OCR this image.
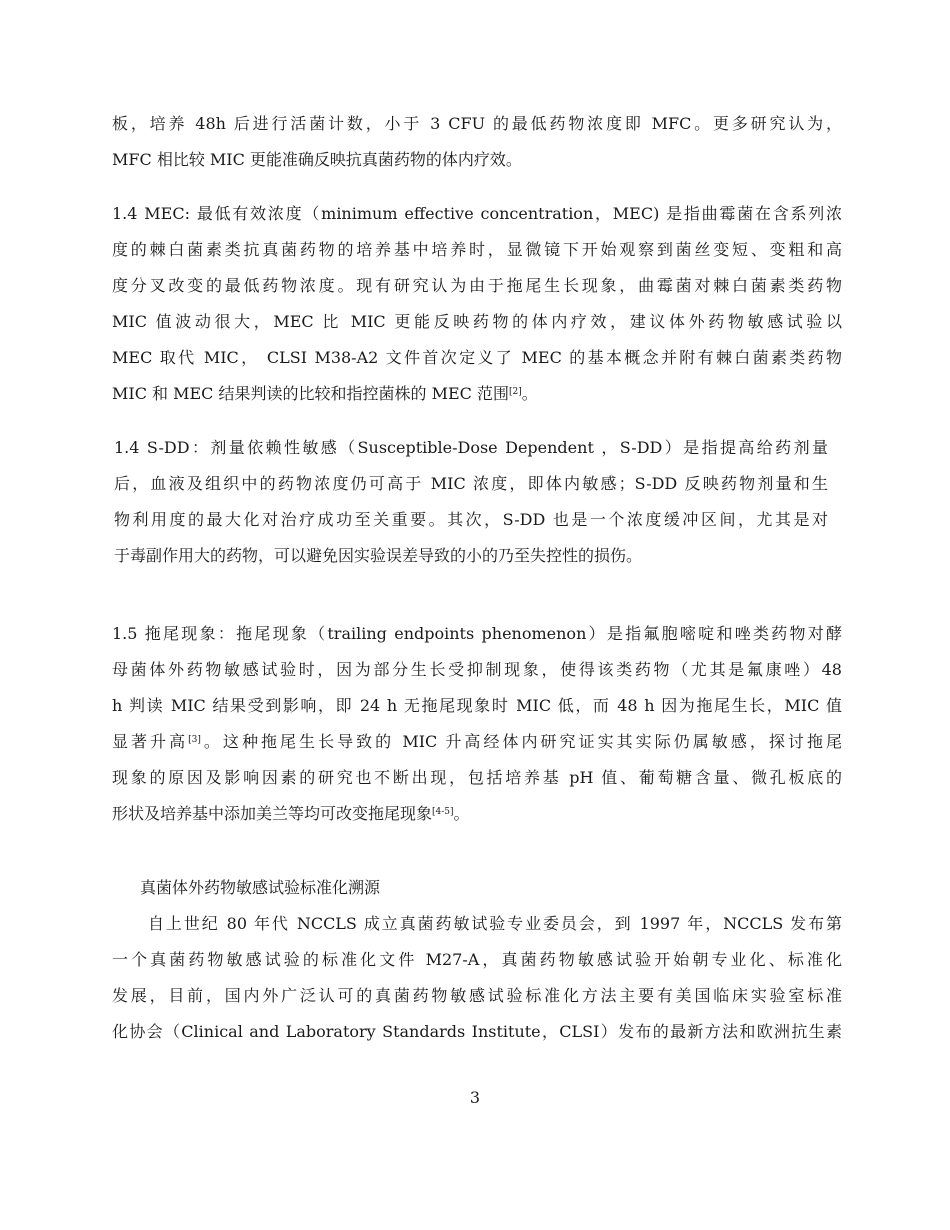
板，培养 48h 后进行活菌计数，小于 3 CFU 的最低药物浓度即 MFC。更多研究认为，
MFC 相比较 MIC 更能准确反映抗真菌药物的体内疗效。
1.4 MEC: 最低有效浓度（minimum effective concentration，MEC) 是指曲霉菌在含系列浓
度的棘白菌素类抗真菌药物的培养基中培养时，显微镜下开始观察到菌丝变短、变粗和高
度分叉改变的最低药物浓度。现有研究认为由于拖尾生长现象，曲霉菌对棘白菌素类药物
MIC 值波动很大，MEC 比 MIC 更能反映药物的体内疗效，建议体外药物敏感试验以
MEC 取代 MIC， CLSI M38-A2 文件首次定义了 MEC 的基本概念并附有棘白菌素类药物
MIC 和 MEC 结果判读的比较和指控菌株的 MEC 范围[2]。
1.4 S-DD：剂量依赖性敏感（Susceptible-Dose Dependent ，S-DD）是指提高给药剂量
后，血液及组织中的药物浓度仍可高于 MIC 浓度，即体内敏感；S-DD 反映药物剂量和生
物利用度的最大化对治疗成功至关重要。其次，S-DD 也是一个浓度缓冲区间，尤其是对
于毒副作用大的药物，可以避免因实验误差导致的小的乃至失控性的损伤。
1.5 拖尾现象：拖尾现象（trailing endpoints phenomenon）是指氟胞嘧啶和唑类药物对酵
母菌体外药物敏感试验时，因为部分生长受抑制现象，使得该类药物（尤其是氟康唑）48
h 判读 MIC 结果受到影响，即 24 h 无拖尾现象时 MIC 低，而 48 h 因为拖尾生长，MIC 值
显著升高[3]。这种拖尾生长导致的 MIC 升高经体内研究证实其实际仍属敏感，探讨拖尾
现象的原因及影响因素的研究也不断出现，包括培养基 pH 值、葡萄糖含量、微孔板底的
形状及培养基中添加美兰等均可改变拖尾现象[4-5]。
真菌体外药物敏感试验标准化溯源
自上世纪 80 年代 NCCLS 成立真菌药敏试验专业委员会，到 1997 年，NCCLS 发布第
一个真菌药物敏感试验的标准化文件 M27-A，真菌药物敏感试验开始朝专业化、标准化
发展，目前，国内外广泛认可的真菌药物敏感试验标准化方法主要有美国临床实验室标准
化协会（Clinical and Laboratory Standards Institute，CLSI）发布的最新方法和欧洲抗生素
3
